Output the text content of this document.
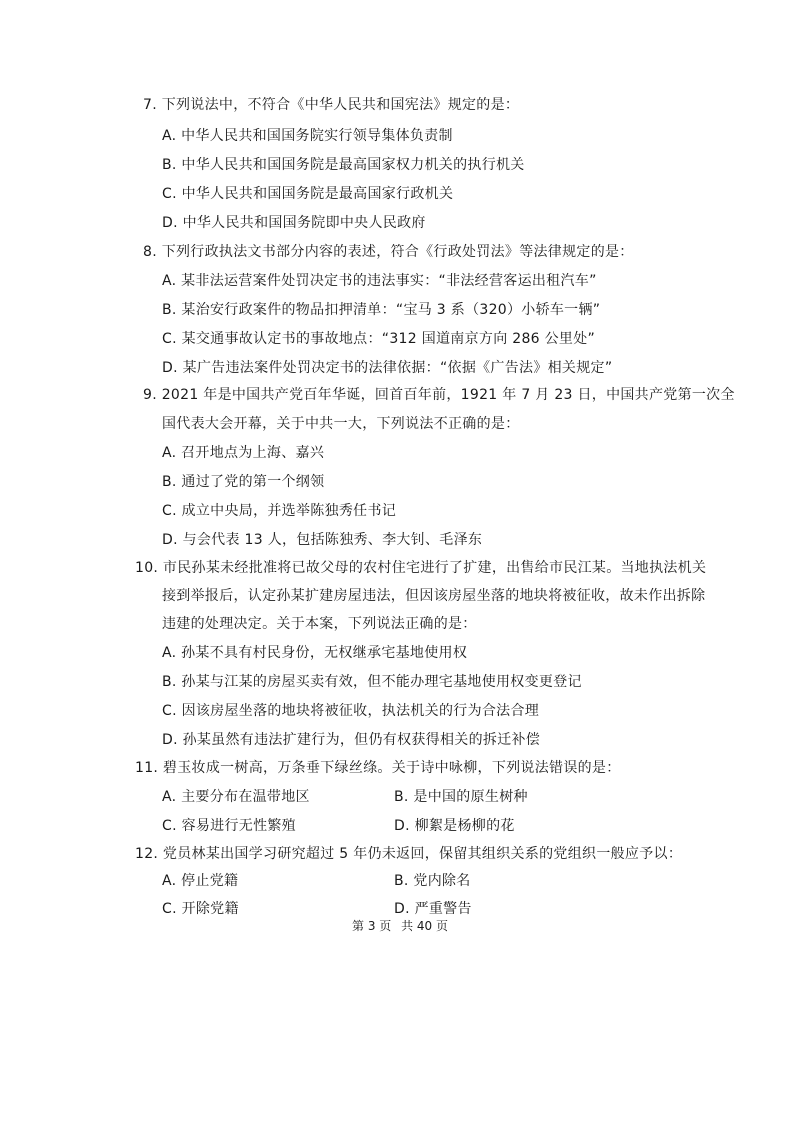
7. 下列说法中，不符合《中华人民共和国宪法》规定的是：
A. 中华人民共和国国务院实行领导集体负责制
B. 中华人民共和国国务院是最高国家权力机关的执行机关
C. 中华人民共和国国务院是最高国家行政机关
D. 中华人民共和国国务院即中央人民政府
8. 下列行政执法文书部分内容的表述，符合《行政处罚法》等法律规定的是：
A. 某非法运营案件处罚决定书的违法事实：“非法经营客运出租汽车”
B. 某治安行政案件的物品扣押清单：“宝马 3 系（320）小轿车一辆”
C. 某交通事故认定书的事故地点：“312 国道南京方向 286 公里处”
D. 某广告违法案件处罚决定书的法律依据：“依据《广告法》相关规定”
9. 2021 年是中国共产党百年华诞，回首百年前，1921 年 7 月 23 日，中国共产党第一次全
国代表大会开幕，关于中共一大，下列说法不正确的是：
A. 召开地点为上海、嘉兴
B. 通过了党的第一个纲领
C. 成立中央局，并选举陈独秀任书记
D. 与会代表 13 人，包括陈独秀、李大钊、毛泽东
10. 市民孙某未经批准将已故父母的农村住宅进行了扩建，出售给市民江某。当地执法机关
接到举报后，认定孙某扩建房屋违法，但因该房屋坐落的地块将被征收，故未作出拆除
违建的处理决定。关于本案，下列说法正确的是：
A. 孙某不具有村民身份，无权继承宅基地使用权
B. 孙某与江某的房屋买卖有效，但不能办理宅基地使用权变更登记
C. 因该房屋坐落的地块将被征收，执法机关的行为合法合理
D. 孙某虽然有违法扩建行为，但仍有权获得相关的拆迁补偿
11. 碧玉妆成一树高，万条垂下绿丝绦。关于诗中咏柳，下列说法错误的是：
A. 主要分布在温带地区	B. 是中国的原生树种
C. 容易进行无性繁殖	D. 柳絮是杨柳的花
12. 党员林某出国学习研究超过 5 年仍未返回，保留其组织关系的党组织一般应予以：
A. 停止党籍	B. 党内除名
C. 开除党籍	D. 严重警告
第 3 页 共 40 页
